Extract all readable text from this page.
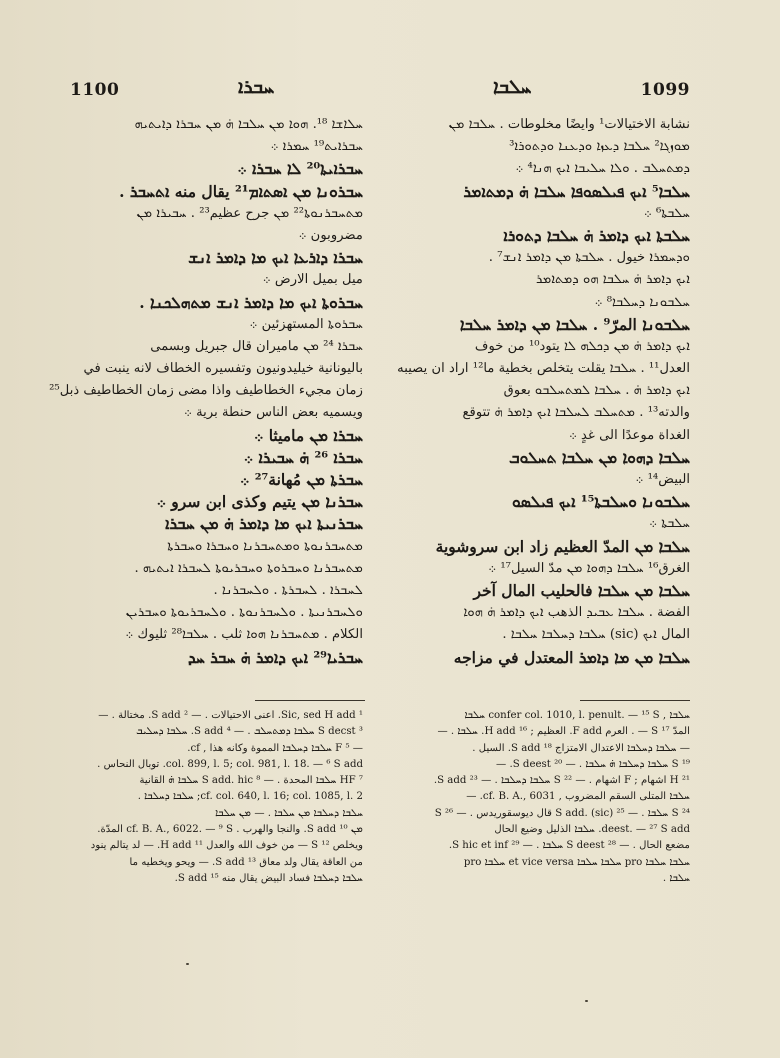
1100	ܚܒܪܐ	ܚܠܒܐ	1099
ܚܠܐܫܐ ¹⁸. ܗܘܐ ܡܢ ܚܠܒܐ ܗ̇ ܡܢ ܚܒܪܐ ܕܐܝܬܝܗ
ܚܒܪܐܝܬ¹⁹ ܚܡܪܐ ܀
ܚܒܪܐܝܬܐ²⁰ ܠܐ ܚܒܪܐ ܀
ܚܒܪܘܢܐ ܡܢ ܐܣܬܐܡ²¹ يقال منه ܐܬܚܒܪ .
ܡܬܚܒܪܢܘܬܐ²² ܡܢ جرح عظيم²³ . ܚܒܝܪܐ ܡܢ
مضروبون ܀
ܚܒܪܐ ܕܐܪܥܐ ܐܝܟ ܡܐ ܕܐܡܪ ܐܢܫ
ميل بميل الارض ܀
ܚܒܪܘܬܐ ܐܝܟ ܡܐ ܕܐܡܪ ܐܢܫ ܡܬܗܠܟܢܐ .
ܚܒܪܘܬܐ المستهزئين ܀
ܚܒܪܐ ²⁴ ܡܢ ماميران قال جبريل وبسمى
باليونانية خيليدونيون وتفسيره الخطاف لانه ينبت في
زمان مجيء الخطاطيف واذا مضى زمان الخطاطيف ذبل²⁵
ويسميه بعض الناس حنطة برية ܀
ܚܒܪܐ ܡܢ ماميثا ܀
ܚܒܪܐ ²⁶ ܗ̇ ܚܒܝܪܐ ܀
ܚܒܪܬܐ ܡܢ مُهانة²⁷ ܀
ܚܒܪܢܐ ܡܢ يتيم وكذى ابن سرو ܀
ܚܒܪܢܝܬܐ ܐܝܟ ܡܐ ܕܐܡܪ ܗ̇ ܡܢ ܚܒܪܐ
ܡܬܚܒܪܢܘܬܐ ܘܡܬܚܒܪܢܐ ܘܚܒܪܐ ܘܚܒܪܬܐ
ܡܬܚܒܪܢܐ ܘܚܒܪܘܬܐ ܘܚܒܪܝܘܬܐ ܠܚܒܪܐ ܐܝܬܝܗ .
ܠܚܒܪܐ . ܠܚܒܪܬܐ . ܘܠܚܒܪܢܐ .
ܘܠܚܒܪܢܝܬܐ . ܘܠܚܒܪܢܘܬܐ . ܘܠܚܒܪܝܘܬܐ ܘܚܒܪܝܢ
الكلام . ܡܬܚܒܪܢܐ ܗܘܐ ثلب . ܚܠܒܐ²⁸ ثليوك ܀
ܚܒܪܝܐ²⁹ ܐܝܟ ܕܐܡܪ ܗ̇ ܚܒܪ ܚܕ
نشابة الاختيالات¹ وايضًا مخلوطات . ܚܠܒܐ ܡܢ
ܡܘܙܓܐ² ܚܠܒܐ ܕܥܙܐ ܘܕܥܢܐ ܘܕܬܘܪܐ³
ܕܡܬܚܠܒ . ܘܠܐ ܚܠܝܒܐ ܐܝܟ ܗܢܐ⁴ ܀
ܚܠܒܐ⁵ ܐܝܟ ܦܝܠܣܘܦܐ ܚܠܒܐ ܗ̇ ܕܡܬܐܡܪ
ܚܠܒܬܐ⁶ ܀
ܚܠܒܬܐ ܐܝܟ ܕܐܡܪ ܗ̇ ܚܠܒܐ ܕܬܘܪܐ
ܘܕܚܡܪܐ خيول . ܚܠܒܬܐ ܡܢ ܕܐܡܪ ܐܢܫ⁷ .
ܐܝܟ ܕܐܡܪ ܗ̇ ܚܠܒܐ ܗܘ ܕܡܬܐܡܪ
ܚܠܒܘܢܐ ܕܚܠܒܐ⁸ ܀
ܚܠܒܘܢܐ المرّ⁹ . ܚܠܒܐ ܡܢ ܕܐܡܪ ܚܠܒܐ
ܐܝܟ ܕܐܡܪ ܗ̇ ܡܢ ܕܟܠܗ ܠܐ يتود¹⁰ من خوف
العدل¹¹ . ܚܠܒܐ يقلت يتخلص بخطية ما¹² اراد ان يصيبه
ܐܝܟ ܕܐܡܪ ܗ̇ . ܚܠܒܐ ܠܡܬܚܠܒܘ بعوق
والدته¹³ . ܡܬܚܠܒ ܠܚܠܒܐ ܐܝܟ ܕܐܡܪ ܗ̇ تتوقع
الغداة موعدًا الى غدٍ ܀
ܚܠܒܐ ܕܗܘܐ ܡܢ ܚܠܒܐ ܬܚܠܘܒ
البيض¹⁴ ܀
ܚܠܒܘܢܐ ܘܚܠܒܬܐ¹⁵ ܐܝܟ ܦܝܠܣܘ
ܚܠܒܬܐ ܀
ܚܠܒܐ ܡܢ المدّ العظيم زاد ابن سروشوية
الغرق¹⁶ ܚܠܒܐ ܕܗܘܐ ܡܢ مدّ السيل¹⁷ ܀
ܚܠܒܐ ܡܢ ܚܠܒܐ فالحليب المال آخر
الفضة . ܚܠܒܐ ܥܒܝܕ الذهب ܐܝܟ ܕܐܡܪ ܗ̇ ܗܘܐ
المال ܐܝܟ (sic) ܚܠܒܐ ܕܚܠܒܐ ܚܠܒܐ .
ܚܠܒܐ ܡܢ ܡܐ ܕܐܡܪ المعتدل في مزاجه
¹ Sic, sed H add. اعنى الاحتيالات . — ² S add. مختالة . —
³ S decst ܚܠܒܐ ܕܡܬܚܠܒ . — ⁴ S add. ܚܠܒܐ ܕܚܠܝܒ
— ⁵ F ܚܠܒܐ ܕܚܠܒܐ المموة وكانه هذا , cf.
col. 899, l. 5; col. 981, l. 18. — ⁶ S add. توبال النحاس .
⁷ HF ܚܠܒܐ المحدة . — ⁸ S add. hic ܚܠܒܐ ܗ̇ القانية
cf. col. 640, l. 16; col. 1085, l. 2; ܚܠܒܐ ܕܚܠܒܐ .
ܚܠܒܐ ܕܚܠܒܐ ܡܢ ܚܠܒܐ . — ܡܢ ܚܠܒܐ
ܡܢ ¹⁰ S add. والنجا والهرب . cf. B. A., 6022. — ⁹ S المدّة.
ويخلص ¹² S — من خوف الله والعدل ¹¹ H add. — لد يتالم ينود
من العاقة يقال ولد معاق ¹³ S add. — ويحو ويخطيه ما
ܚܠܒܐ ܕܚܠܒܐ فساد البيض يقال منه ¹⁵ S add.
ܚܠܒܐ , confer col. 1010, l. penult. — ¹⁵ S ܚܠܒܐ
المدّ ¹⁷ S — . العرم F add. العظيم ; ¹⁶ H add. ܚܠܒܐ . —
— ܚܠܒܐ ܕܚܠܒܐ الاعتدال الامتزاج ¹⁸ S add. السيل .
¹⁹ S ܚܠܒܐ ܕܚܠܒܐ ܗ̇ ܚܠܒܐ . — ²⁰ S deest. —
²¹ H اشهام ; F اشهام . — ²² S ܚܠܒܐ ܕܚܠܒܐ . — ²³ S add.
ܚܠܒܐ المتلى السقم المضروب , cf. B. A., 6031. —
²⁴ S ܚܠܒܐ . — ²⁵ S add. (sic) قال ديوسقوريدس . — ²⁶ S
deest. — ²⁷ S add. ܚܠܒܐ الذليل وضيع الحال
مضعع الحال . — ²⁸ S deest ܚܠܒܐ . — ²⁹ S hic et inf.
ܚܠܒܐ ܚܠܒܐ pro ܚܠܒܐ ܚܠܒܐ et vice versa ܚܠܒܐ pro
ܚܠܒܐ .
